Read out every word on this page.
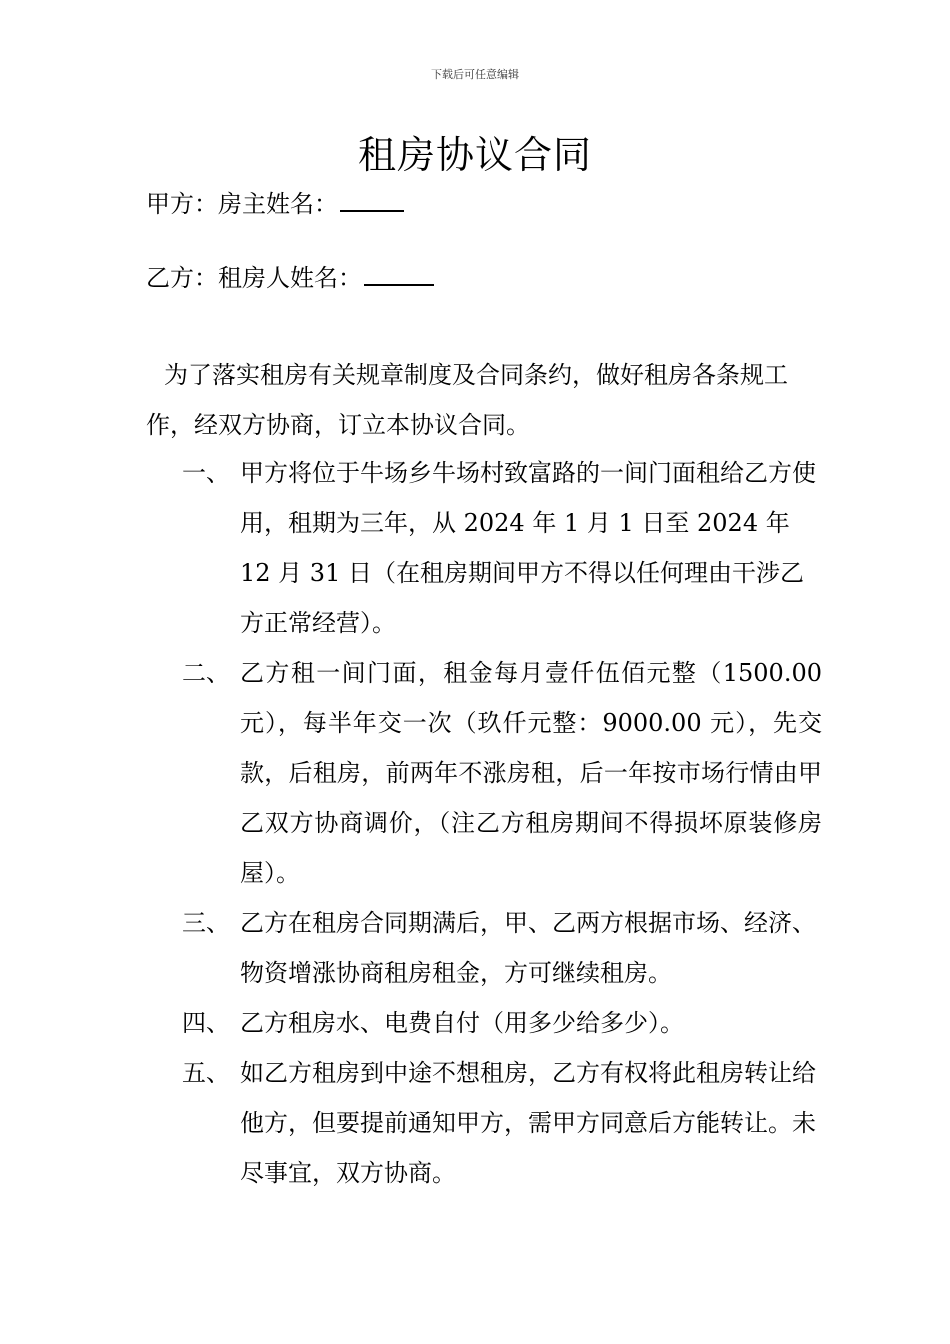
下载后可任意编辑
租房协议合同
甲方：房主姓名：
乙方：租房人姓名：
为了落实租房有关规章制度及合同条约，做好租房各条规工作，经双方协商，订立本协议合同。
一、 甲方将位于牛场乡牛场村致富路的一间门面租给乙方使用，租期为三年，从 2024 年 1 月 1 日至 2024 年 12 月 31 日（在租房期间甲方不得以任何理由干涉乙方正常经营）。
二、 乙方租一间门面，租金每月壹仟伍佰元整（1500.00 元），每半年交一次（玖仟元整：9000.00 元），先交款，后租房，前两年不涨房租，后一年按市场行情由甲乙双方协商调价，（注乙方租房期间不得损坏原装修房屋）。
三、 乙方在租房合同期满后，甲、乙两方根据市场、经济、物资增涨协商租房租金，方可继续租房。
四、 乙方租房水、电费自付（用多少给多少）。
五、 如乙方租房到中途不想租房，乙方有权将此租房转让给他方，但要提前通知甲方，需甲方同意后方能转让。未尽事宜，双方协商。
